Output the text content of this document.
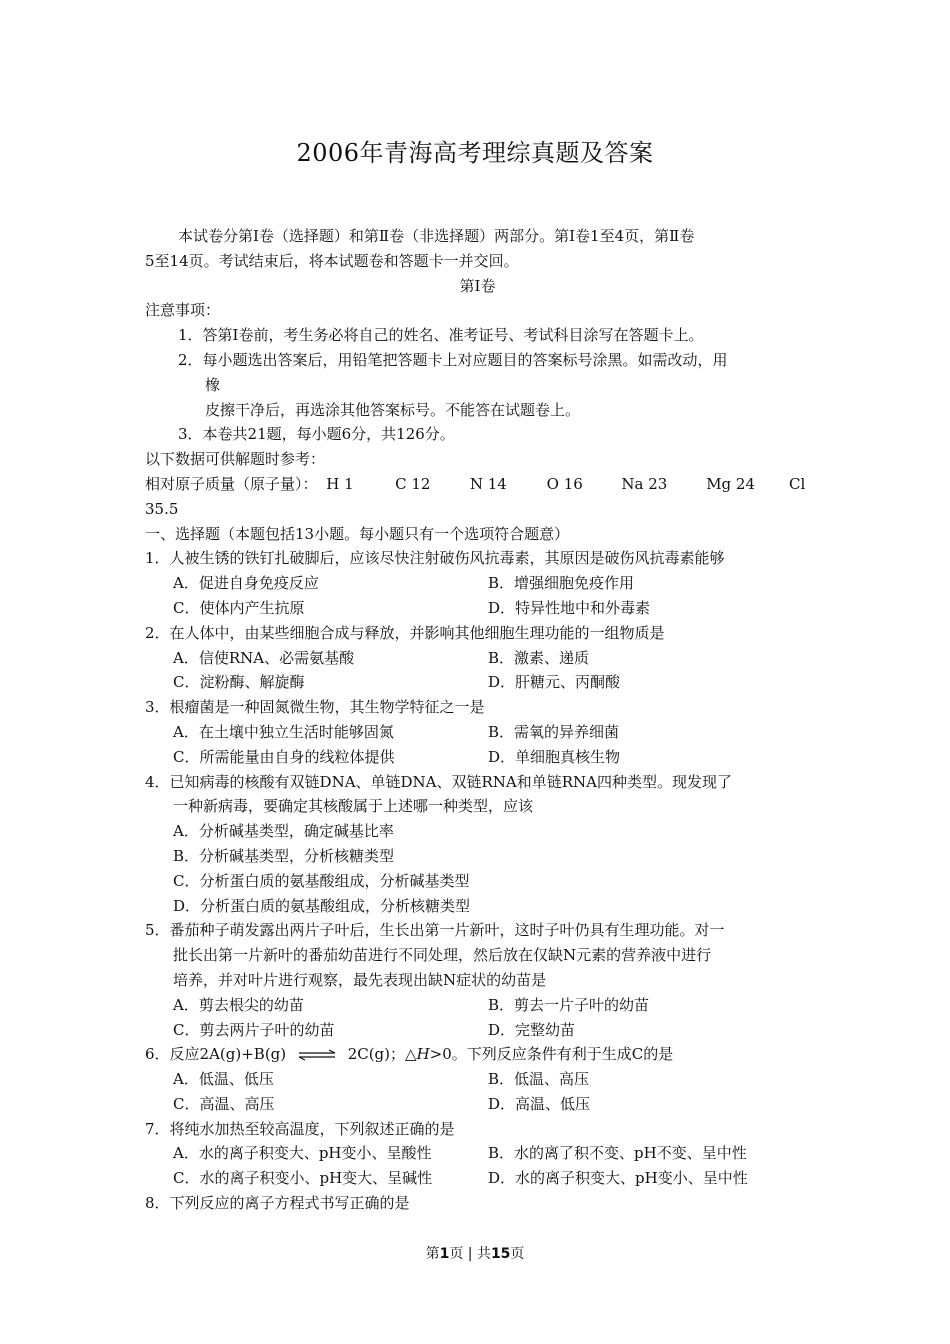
2006年青海高考理综真题及答案
本试卷分第Ⅰ卷（选择题）和第Ⅱ卷（非选择题）两部分。第Ⅰ卷1至4页，第Ⅱ卷
5至14页。考试结束后，将本试题卷和答题卡一并交回。
第Ⅰ卷
注意事项：
1．答第Ⅰ卷前，考生务必将自己的姓名、准考证号、考试科目涂写在答题卡上。
2．每小题选出答案后，用铅笔把答题卡上对应题目的答案标号涂黑。如需改动，用
橡
皮擦干净后，再选涂其他答案标号。不能答在试题卷上。
3．本卷共21题，每小题6分，共126分。
以下数据可供解题时参考：
相对原子质量（原子量）： H 1	C 12	N 14	O 16	Na 23	Mg 24 Cl
35.5
一、选择题（本题包括13小题。每小题只有一个选项符合题意）
1．人被生锈的铁钉扎破脚后，应该尽快注射破伤风抗毒素，其原因是破伤风抗毒素能够
A．促进自身免疫反应	B．增强细胞免疫作用
C．使体内产生抗原	D．特异性地中和外毒素
2．在人体中，由某些细胞合成与释放，并影响其他细胞生理功能的一组物质是
A．信使RNA、必需氨基酸	B．激素、递质
C．淀粉酶、解旋酶	D．肝糖元、丙酮酸
3．根瘤菌是一种固氮微生物，其生物学特征之一是
A．在土壤中独立生活时能够固氮	B．需氧的异养细菌
C．所需能量由自身的线粒体提供	D．单细胞真核生物
4．已知病毒的核酸有双链DNA、单链DNA、双链RNA和单链RNA四种类型。现发现了
一种新病毒，要确定其核酸属于上述哪一种类型，应该
A．分析碱基类型，确定碱基比率
B．分析碱基类型，分析核糖类型
C．分析蛋白质的氨基酸组成，分析碱基类型
D．分析蛋白质的氨基酸组成，分析核糖类型
5．番茄种子萌发露出两片子叶后，生长出第一片新叶，这时子叶仍具有生理功能。对一
批长出第一片新叶的番茄幼苗进行不同处理，然后放在仅缺N元素的营养液中进行
培养，并对叶片进行观察，最先表现出缺N症状的幼苗是
A．剪去根尖的幼苗	B．剪去一片子叶的幼苗
C．剪去两片子叶的幼苗	D．完整幼苗
6．反应2A(g)+B(g) ⇌ 2C(g)；△H>0。下列反应条件有利于生成C的是
A．低温、低压	B．低温、高压
C．高温、高压	D．高温、低压
7．将纯水加热至较高温度，下列叙述正确的是
A．水的离子积变大、pH变小、呈酸性	B．水的离了积不变、pH不变、呈中性
C．水的离子积变小、pH变大、呈碱性	D．水的离子积变大、pH变小、呈中性
8．下列反应的离子方程式书写正确的是
第1页 | 共15页
